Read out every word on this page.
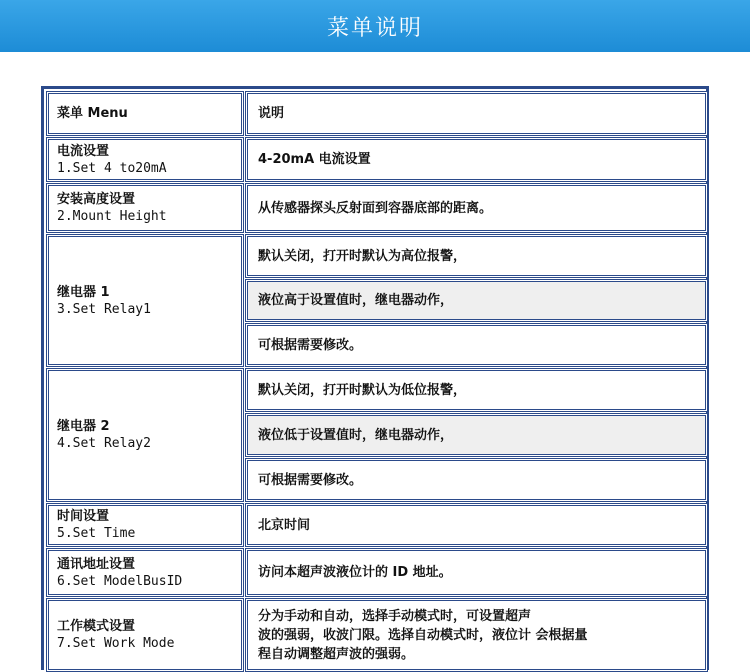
菜单说明
菜单 Menu	说明
电流设置
1.Set 4 to20mA
4-20mA 电流设置
安装高度设置
2.Mount Height
从传感器探头反射面到容器底部的距离。
继电器 1
3.Set Relay1
默认关闭，打开时默认为高位报警，
液位高于设置值时，继电器动作，
可根据需要修改。
继电器 2
4.Set Relay2
默认关闭，打开时默认为低位报警，
液位低于设置值时，继电器动作，
可根据需要修改。
时间设置
5.Set Time
北京时间
通讯地址设置
6.Set ModelBusID
访问本超声波液位计的 ID 地址。
工作模式设置
7.Set Work Mode
分为手动和自动，选择手动模式时，可设置超声
波的强弱，收波门限。选择自动模式时，液位计 会根据量
程自动调整超声波的强弱。
